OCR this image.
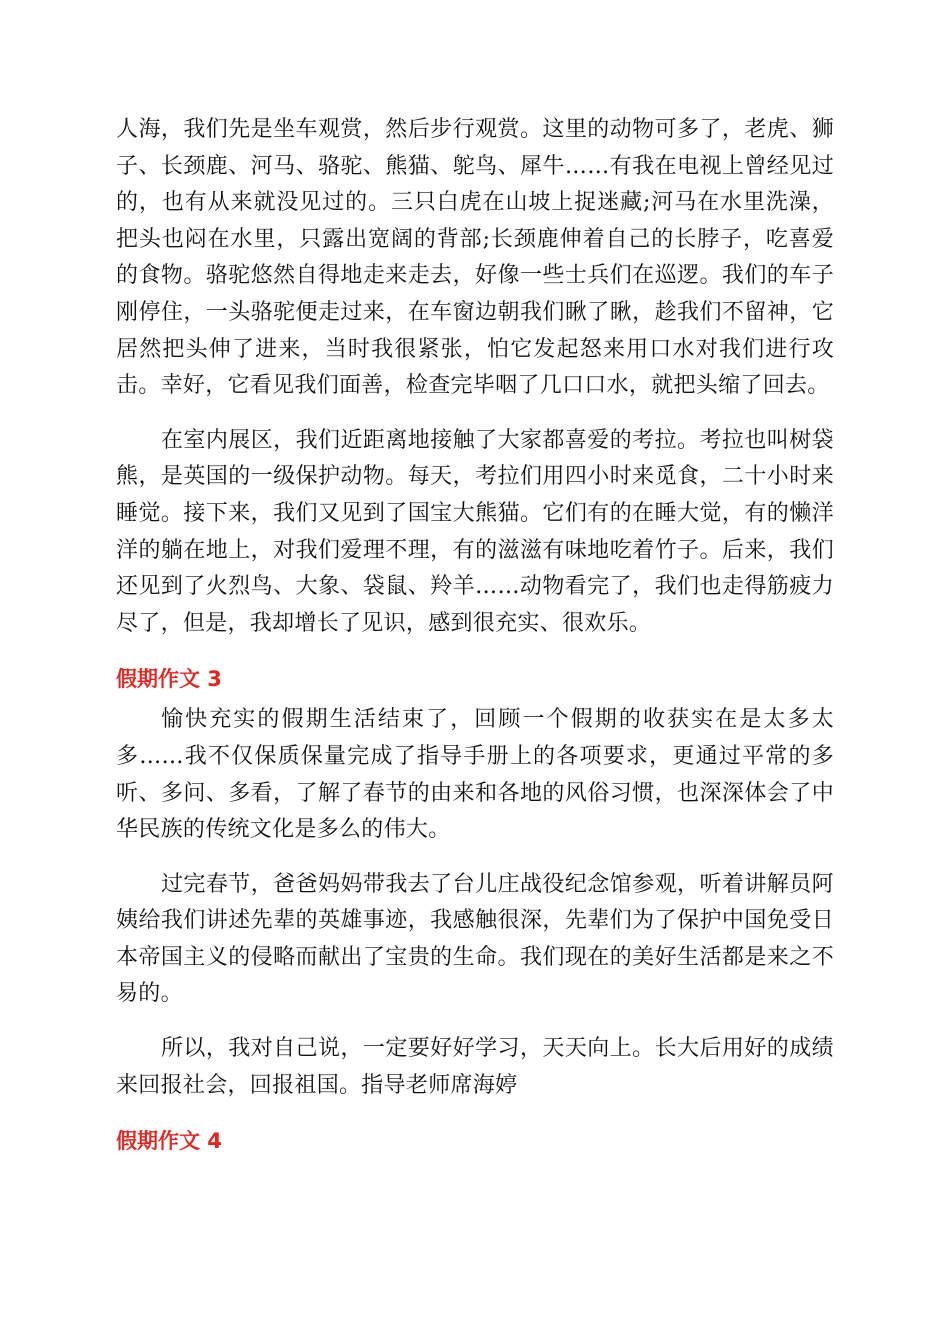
人海，我们先是坐车观赏，然后步行观赏。这里的动物可多了，老虎、狮子、长颈鹿、河马、骆驼、熊猫、鸵鸟、犀牛……有我在电视上曾经见过的，也有从来就没见过的。三只白虎在山坡上捉迷藏;河马在水里洗澡，把头也闷在水里，只露出宽阔的背部;长颈鹿伸着自己的长脖子，吃喜爱的食物。骆驼悠然自得地走来走去，好像一些士兵们在巡逻。我们的车子刚停住，一头骆驼便走过来，在车窗边朝我们瞅了瞅，趁我们不留神，它居然把头伸了进来，当时我很紧张，怕它发起怒来用口水对我们进行攻击。幸好，它看见我们面善，检查完毕咽了几口口水，就把头缩了回去。

在室内展区，我们近距离地接触了大家都喜爱的考拉。考拉也叫树袋熊，是英国的一级保护动物。每天，考拉们用四小时来觅食，二十小时来睡觉。接下来，我们又见到了国宝大熊猫。它们有的在睡大觉，有的懒洋洋的躺在地上，对我们爱理不理，有的滋滋有味地吃着竹子。后来，我们还见到了火烈鸟、大象、袋鼠、羚羊……动物看完了，我们也走得筋疲力尽了，但是，我却增长了见识，感到很充实、很欢乐。

假期作文 3

愉快充实的假期生活结束了，回顾一个假期的收获实在是太多太多……我不仅保质保量完成了指导手册上的各项要求，更通过平常的多听、多问、多看，了解了春节的由来和各地的风俗习惯，也深深体会了中华民族的传统文化是多么的伟大。

过完春节，爸爸妈妈带我去了台儿庄战役纪念馆参观，听着讲解员阿姨给我们讲述先辈的英雄事迹，我感触很深，先辈们为了保护中国免受日本帝国主义的侵略而献出了宝贵的生命。我们现在的美好生活都是来之不易的。

所以，我对自己说，一定要好好学习，天天向上。长大后用好的成绩来回报社会，回报祖国。指导老师席海婷

假期作文 4
